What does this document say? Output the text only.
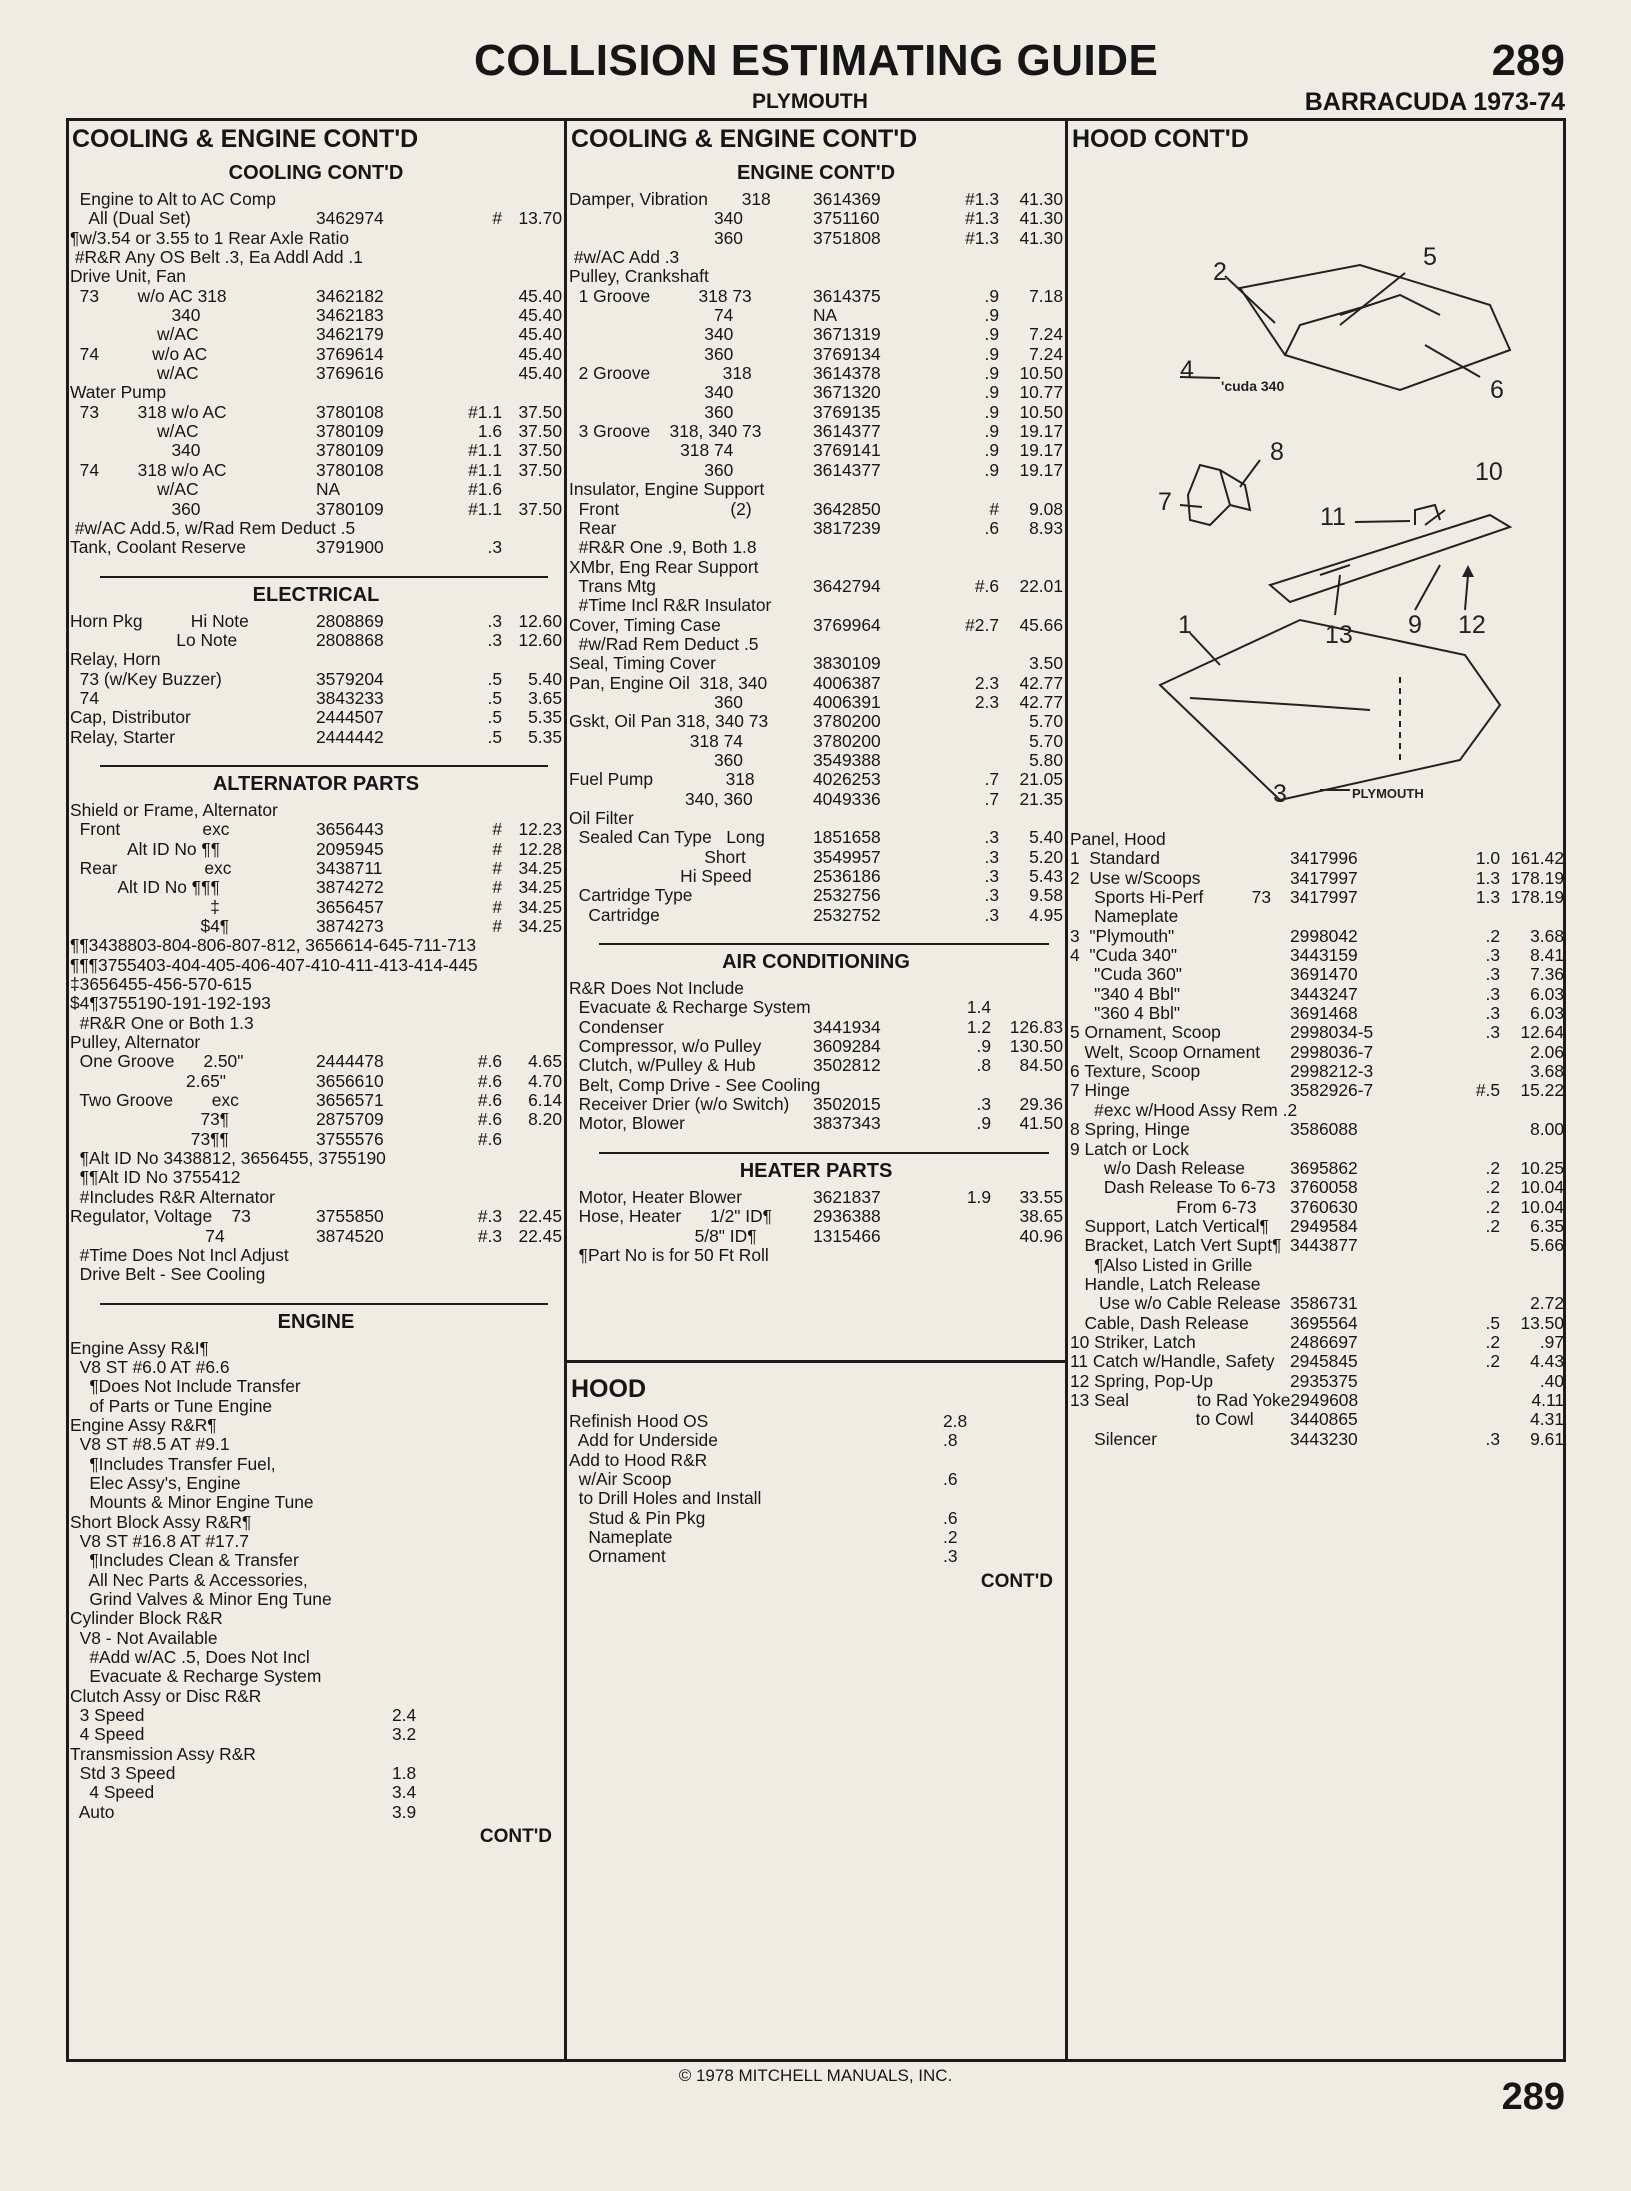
COLLISION ESTIMATING GUIDE
PLYMOUTH
289
BARRACUDA 1973-74
COOLING & ENGINE CONT'D
COOLING CONT'D
Engine to Alt to AC Comp
All (Dual Set)	3462974	# 13.70
¶w/3.54 or 3.55 to 1 Rear Axle Ratio
#R&R Any OS Belt .3, Ea Addl Add .1
Drive Unit, Fan
73        w/o AC 318	3462182	45.40
340	3462183	45.40
w/AC	3462179	45.40
74           w/o AC	3769614	45.40
w/AC	3769616	45.40
Water Pump
73        318 w/o AC	3780108	#1.1 37.50
w/AC	3780109	1.6 37.50
340	3780109	#1.1 37.50
74        318 w/o AC	3780108	#1.1 37.50
w/AC	NA	#1.6
360	3780109	#1.1 37.50
#w/AC Add.5, w/Rad Rem Deduct .5
Tank, Coolant Reserve	3791900	.3
ELECTRICAL
Horn Pkg          Hi Note	2808869	.3 12.60
Lo Note	2808868	.3 12.60
Relay, Horn
73 (w/Key Buzzer)	3579204	.5	5.40
74	3843233	.5	3.65
Cap, Distributor	2444507	.5	5.35
Relay, Starter	2444442	.5	5.35
ALTERNATOR PARTS
Shield or Frame, Alternator
Front                 exc	3656443	# 12.23
Alt ID No ¶¶	2095945	# 12.28
Rear                  exc	3438711	# 34.25
Alt ID No ¶¶¶	3874272	# 34.25
‡	3656457	# 34.25
$4¶	3874273	# 34.25
¶¶3438803-804-806-807-812, 3656614-645-711-713
¶¶¶3755403-404-405-406-407-410-411-413-414-445
‡3656455-456-570-615
$4¶3755190-191-192-193
#R&R One or Both 1.3
Pulley, Alternator
One Groove      2.50"	2444478	#.6	4.65
2.65"	3656610	#.6	4.70
Two Groove        exc	3656571	#.6	6.14
73¶	2875709	#.6	8.20
73¶¶	3755576	#.6
¶Alt ID No 3438812, 3656455, 3755190
¶¶Alt ID No 3755412
#Includes R&R Alternator
Regulator, Voltage    73	3755850	#.3 22.45
74	3874520	#.3 22.45
#Time Does Not Incl Adjust
Drive Belt - See Cooling
ENGINE
Engine Assy R&I¶
V8 ST #6.0 AT #6.6
¶Does Not Include Transfer
of Parts or Tune Engine
Engine Assy R&R¶
V8 ST #8.5 AT #9.1
¶Includes Transfer Fuel,
Elec Assy's, Engine
Mounts & Minor Engine Tune
Short Block Assy R&R¶
V8 ST #16.8 AT #17.7
¶Includes Clean & Transfer
All Nec Parts & Accessories,
Grind Valves & Minor Eng Tune
Cylinder Block R&R
V8 - Not Available
#Add w/AC .5, Does Not Incl
Evacuate & Recharge System
Clutch Assy or Disc R&R
3 Speed	2.4
4 Speed	3.2
Transmission Assy R&R
Std 3 Speed	1.8
4 Speed	3.4
Auto	3.9
CONT'D
COOLING & ENGINE CONT'D
ENGINE CONT'D
Damper, Vibration       318	3614369	#1.3	41.30
340	3751160	#1.3	41.30
360	3751808	#1.3	41.30
#w/AC Add .3
Pulley, Crankshaft
1 Groove          318 73	3614375	.9	7.18
74	NA	.9
340	3671319	.9	7.24
360	3769134	.9	7.24
2 Groove               318	3614378	.9	10.50
340	3671320	.9	10.77
360	3769135	.9	10.50
3 Groove    318, 340 73	3614377	.9	19.17
318 74	3769141	.9	19.17
360	3614377	.9	19.17
Insulator, Engine Support
Front                       (2)	3642850	#	9.08
Rear	3817239	.6	8.93
#R&R One .9, Both 1.8
XMbr, Eng Rear Support
Trans Mtg	3642794	#.6	22.01
#Time Incl R&R Insulator
Cover, Timing Case	3769964	#2.7	45.66
#w/Rad Rem Deduct .5
Seal, Timing Cover	3830109	3.50
Pan, Engine Oil  318, 340	4006387	2.3	42.77
360	4006391	2.3	42.77
Gskt, Oil Pan 318, 340 73	3780200	5.70
318 74	3780200	5.70
360	3549388	5.80
Fuel Pump               318	4026253	.7	21.05
340, 360	4049336	.7	21.35
Oil Filter
Sealed Can Type   Long	1851658	.3	5.40
Short	3549957	.3	5.20
Hi Speed	2536186	.3	5.43
Cartridge Type	2532756	.3	9.58
Cartridge	2532752	.3	4.95
AIR CONDITIONING
R&R Does Not Include
Evacuate & Recharge System	1.4
Condenser	3441934	1.2	126.83
Compressor, w/o Pulley	3609284	.9	130.50
Clutch, w/Pulley & Hub	3502812	.8	84.50
Belt, Comp Drive - See Cooling
Receiver Drier (w/o Switch)	3502015	.3	29.36
Motor, Blower	3837343	.9	41.50
HEATER PARTS
Motor, Heater Blower	3621837	1.9	33.55
Hose, Heater      1/2" ID¶	2936388	38.65
5/8" ID¶	1315466	40.96
¶Part No is for 50 Ft Roll
HOOD
Refinish Hood OS	2.8
Add for Underside	.8
Add to Hood R&R
w/Air Scoop	.6
to Drill Holes and Install
Stud & Pin Pkg	.6
Nameplate	.2
Ornament	.3
CONT'D
HOOD CONT'D
2
5
6
4
'cuda 340
8
7
10
11
1	13 9 12
3	PLYMOUTH
Panel, Hood
1  Standard	3417996	1.0 161.42
2  Use w/Scoops	3417997	1.3 178.19
Sports Hi-Perf          73	3417997	1.3 178.19
Nameplate
3  "Plymouth"	2998042	.2	3.68
4  "Cuda 340"	3443159	.3	8.41
"Cuda 360"	3691470	.3	7.36
"340 4 Bbl"	3443247	.3	6.03
"360 4 Bbl"	3691468	.3	6.03
5 Ornament, Scoop	2998034-5	.3	12.64
Welt, Scoop Ornament	2998036-7	2.06
6 Texture, Scoop	2998212-3	3.68
7 Hinge	3582926-7	#.5	15.22
#exc w/Hood Assy Rem .2
8 Spring, Hinge	3586088	8.00
9 Latch or Lock
w/o Dash Release	3695862	.2	10.25
Dash Release To 6-73 3760058	.2	10.04
From 6-73	3760630	.2	10.04
Support, Latch Vertical¶	2949584	.2	6.35
Bracket, Latch Vert Supt¶ 3443877	5.66
¶Also Listed in Grille
Handle, Latch Release
Use w/o Cable Release 3586731	2.72
Cable, Dash Release	3695564	.5	13.50
10 Striker, Latch	2486697	.2	.97
11 Catch w/Handle, Safety 2945845	.2	4.43
12 Spring, Pop-Up	2935375	.40
13 Seal              to Rad Yoke 2949608	4.11
to Cowl	3440865	4.31
Silencer	3443230	.3	9.61
© 1978 MITCHELL MANUALS, INC.
289
